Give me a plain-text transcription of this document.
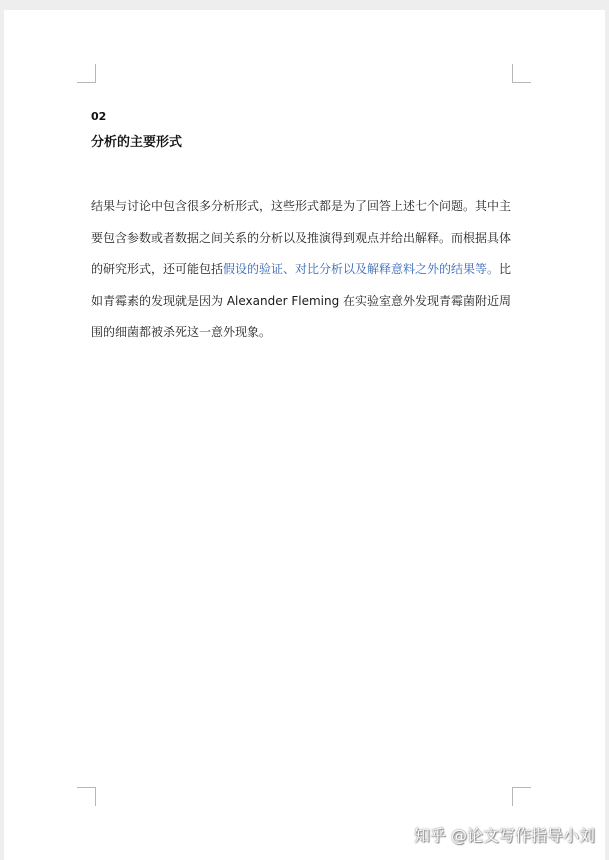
02
分析的主要形式

结果与讨论中包含很多分析形式，这些形式都是为了回答上述七个问题。其中主要包含参数或者数据之间关系的分析以及推演得到观点并给出解释。而根据具体的研究形式，还可能包括假设的验证、对比分析以及解释意料之外的结果等。比如青霉素的发现就是因为 Alexander Fleming 在实验室意外发现青霉菌附近周围的细菌都被杀死这一意外现象。

知乎 @论文写作指导小刘
